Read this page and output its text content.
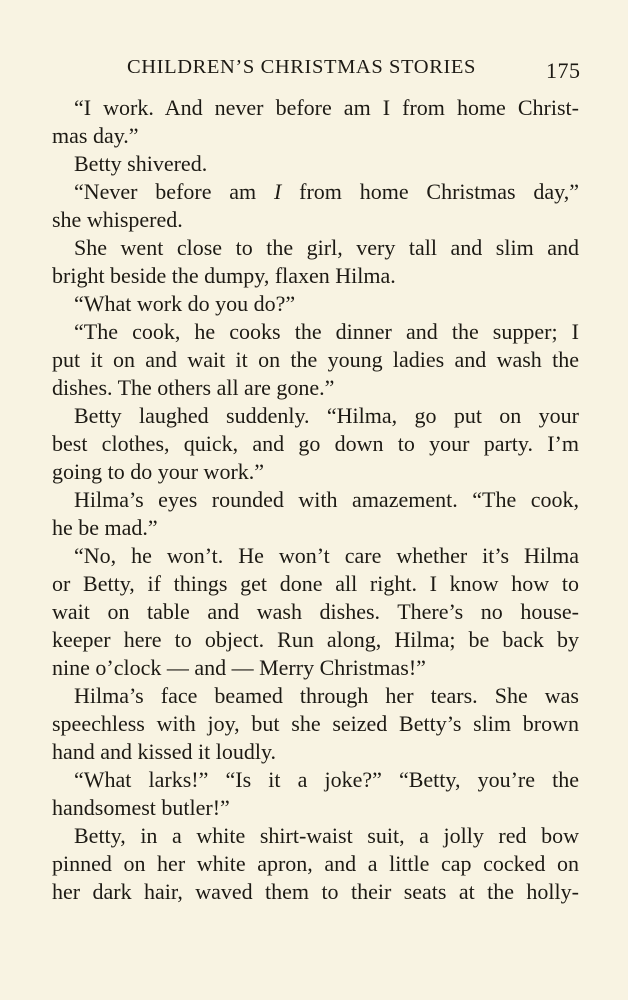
CHILDREN’S CHRISTMAS STORIES	175
“I work. And never before am I from home Christ-
mas day.”
Betty shivered.
“Never before am I from home Christmas day,”
she whispered.
She went close to the girl, very tall and slim and
bright beside the dumpy, flaxen Hilma.
“What work do you do?”
“The cook, he cooks the dinner and the supper; I
put it on and wait it on the young ladies and wash the
dishes. The others all are gone.”
Betty laughed suddenly. “Hilma, go put on your
best clothes, quick, and go down to your party. I’m
going to do your work.”
Hilma’s eyes rounded with amazement. “The cook,
he be mad.”
“No, he won’t. He won’t care whether it’s Hilma
or Betty, if things get done all right. I know how to
wait on table and wash dishes. There’s no house-
keeper here to object. Run along, Hilma; be back by
nine o’clock — and — Merry Christmas!”
Hilma’s face beamed through her tears. She was
speechless with joy, but she seized Betty’s slim brown
hand and kissed it loudly.
“What larks!” “Is it a joke?” “Betty, you’re the
handsomest butler!”
Betty, in a white shirt-waist suit, a jolly red bow
pinned on her white apron, and a little cap cocked on
her dark hair, waved them to their seats at the holly-
